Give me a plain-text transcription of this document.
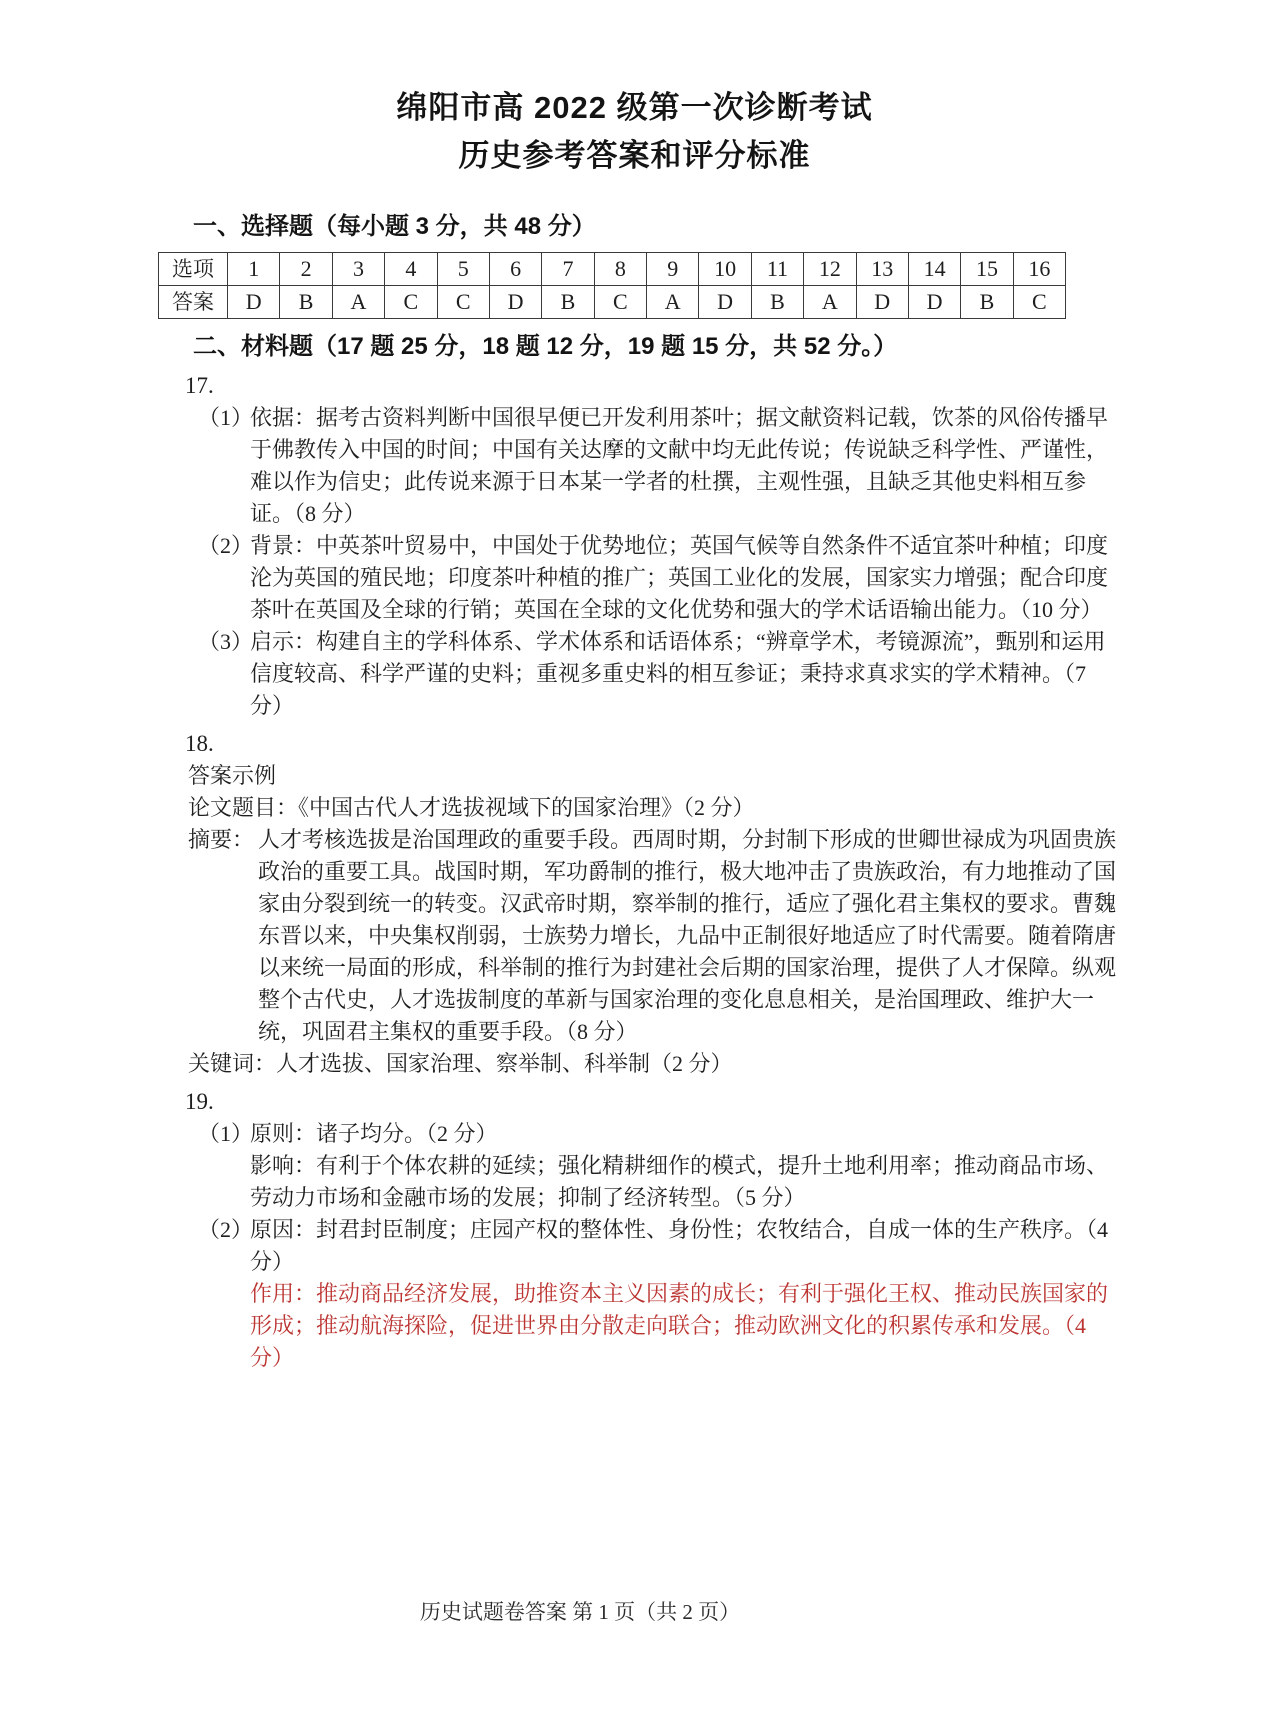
绵阳市高 2022 级第一次诊断考试
历史参考答案和评分标准
一、选择题（每小题 3 分，共 48 分）
选项	1	2	3	4	5	6	7	8	9	10	11	12	13	14	15	16
答案	D	B	A	C	C	D	B	C	A	D	B	A	D	D	B	C
二、材料题（17 题 25 分，18 题 12 分，19 题 15 分，共 52 分。）
17.
（1）
依据：据考古资料判断中国很早便已开发利用茶叶；据文献资料记载，饮茶的风俗传播早于佛教传入中国的时间；中国有关达摩的文献中均无此传说；传说缺乏科学性、严谨性，难以作为信史；此传说来源于日本某一学者的杜撰，主观性强，且缺乏其他史料相互参证。（8 分）
（2）
背景：中英茶叶贸易中，中国处于优势地位；英国气候等自然条件不适宜茶叶种植；印度沦为英国的殖民地；印度茶叶种植的推广；英国工业化的发展，国家实力增强；配合印度茶叶在英国及全球的行销；英国在全球的文化优势和强大的学术话语输出能力。（10 分）
（3）
启示：构建自主的学科体系、学术体系和话语体系；“辨章学术，考镜源流”，甄别和运用信度较高、科学严谨的史料；重视多重史料的相互参证；秉持求真求实的学术精神。（7 分）
18.
答案示例
论文题目：《中国古代人才选拔视域下的国家治理》（2 分）
摘要： 人才考核选拔是治国理政的重要手段。西周时期，分封制下形成的世卿世禄成为巩固贵族政治的重要工具。战国时期，军功爵制的推行，极大地冲击了贵族政治，有力地推动了国家由分裂到统一的转变。汉武帝时期，察举制的推行，适应了强化君主集权的要求。曹魏东晋以来，中央集权削弱，士族势力增长，九品中正制很好地适应了时代需要。随着隋唐以来统一局面的形成，科举制的推行为封建社会后期的国家治理，提供了人才保障。纵观整个古代史，人才选拔制度的革新与国家治理的变化息息相关，是治国理政、维护大一统，巩固君主集权的重要手段。（8 分）
关键词：人才选拔、国家治理、察举制、科举制（2 分）
19.
（1）
原则：诸子均分。（2 分）
影响：有利于个体农耕的延续；强化精耕细作的模式，提升土地利用率；推动商品市场、劳动力市场和金融市场的发展；抑制了经济转型。（5 分）
（2）
原因：封君封臣制度；庄园产权的整体性、身份性；农牧结合，自成一体的生产秩序。（4 分）
作用：推动商品经济发展，助推资本主义因素的成长；有利于强化王权、推动民族国家的形成；推动航海探险，促进世界由分散走向联合；推动欧洲文化的积累传承和发展。（4 分）
历史试题卷答案 第 1 页（共 2 页）
